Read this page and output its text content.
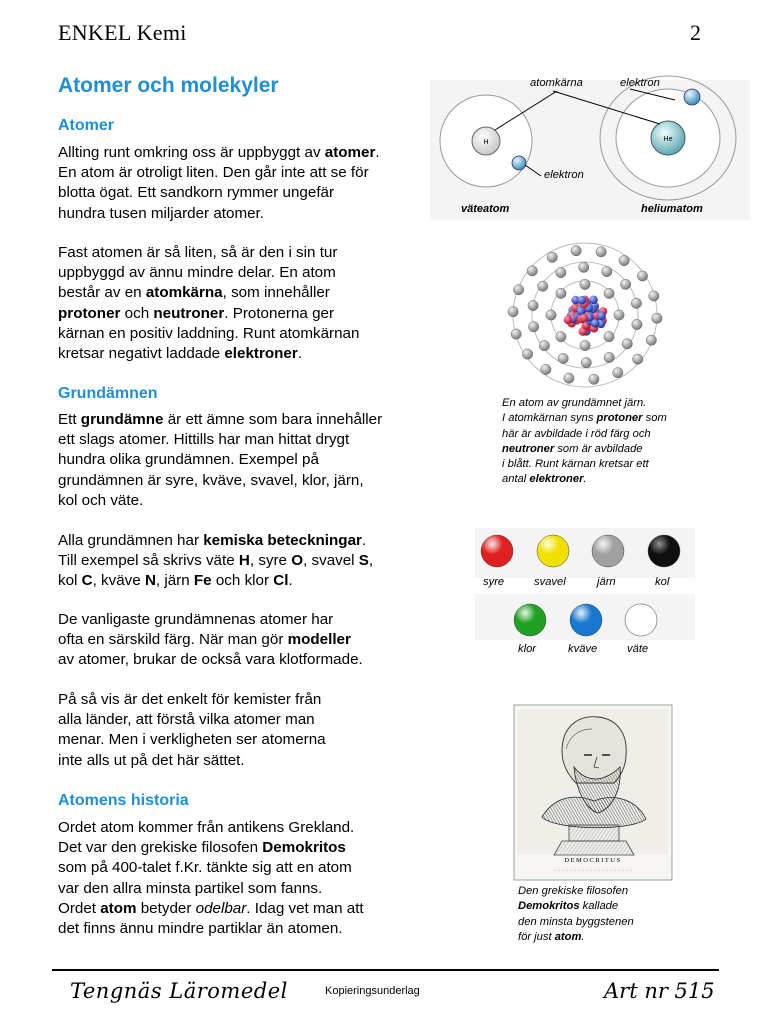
ENKEL Kemi	2
Atomer och molekyler
Atomer
Allting runt omkring oss är uppbyggt av atomer.
En atom är otroligt liten. Den går inte att se för
blotta ögat. Ett sandkorn rymmer ungefär
hundra tusen miljarder atomer.
Fast atomen är så liten, så är den i sin tur
uppbyggd av ännu mindre delar. En atom
består av en atomkärna, som innehåller
protoner och neutroner. Protonerna ger
kärnan en positiv laddning. Runt atomkärnan
kretsar negativt laddade elektroner.
Grundämnen
Ett grundämne är ett ämne som bara innehåller
ett slags atomer. Hittills har man hittat drygt
hundra olika grundämnen. Exempel på
grundämnen är syre, kväve, svavel, klor, järn,
kol och väte.
Alla grundämnen har kemiska beteckningar.
Till exempel så skrivs väte H, syre O, svavel S,
kol C, kväve N, järn Fe och klor Cl.
De vanligaste grundämnenas atomer har
ofta en särskild färg. När man gör modeller
av atomer, brukar de också vara klotformade.
På så vis är det enkelt för kemister från
alla länder, att förstå vilka atomer man
menar. Men i verkligheten ser atomerna
inte alls ut på det här sättet.
Atomens historia
Ordet atom kommer från antikens Grekland.
Det var den grekiske filosofen Demokritos
som på 400-talet f.Kr. tänkte sig att en atom
var den allra minsta partikel som fanns.
Ordet atom betyder odelbar. Idag vet man att
det finns ännu mindre partiklar än atomen.
H	He
atomkärna	elektron
elektron
väteatom	heliumatom
En atom av grundämnet järn.
I atomkärnan syns protoner som
här är avbildade i röd färg och
neutroner som är avbildade
i blått. Runt kärnan kretsar ett
antal elektroner.
syre	svavel	järn	kol
klor	kväve	väte
DEMOCRITUS
Den grekiske filosofen
Demokritos kallade
den minsta byggstenen
för just atom.
Tengnäs Läromedel	Kopieringsunderlag	Art nr 515
